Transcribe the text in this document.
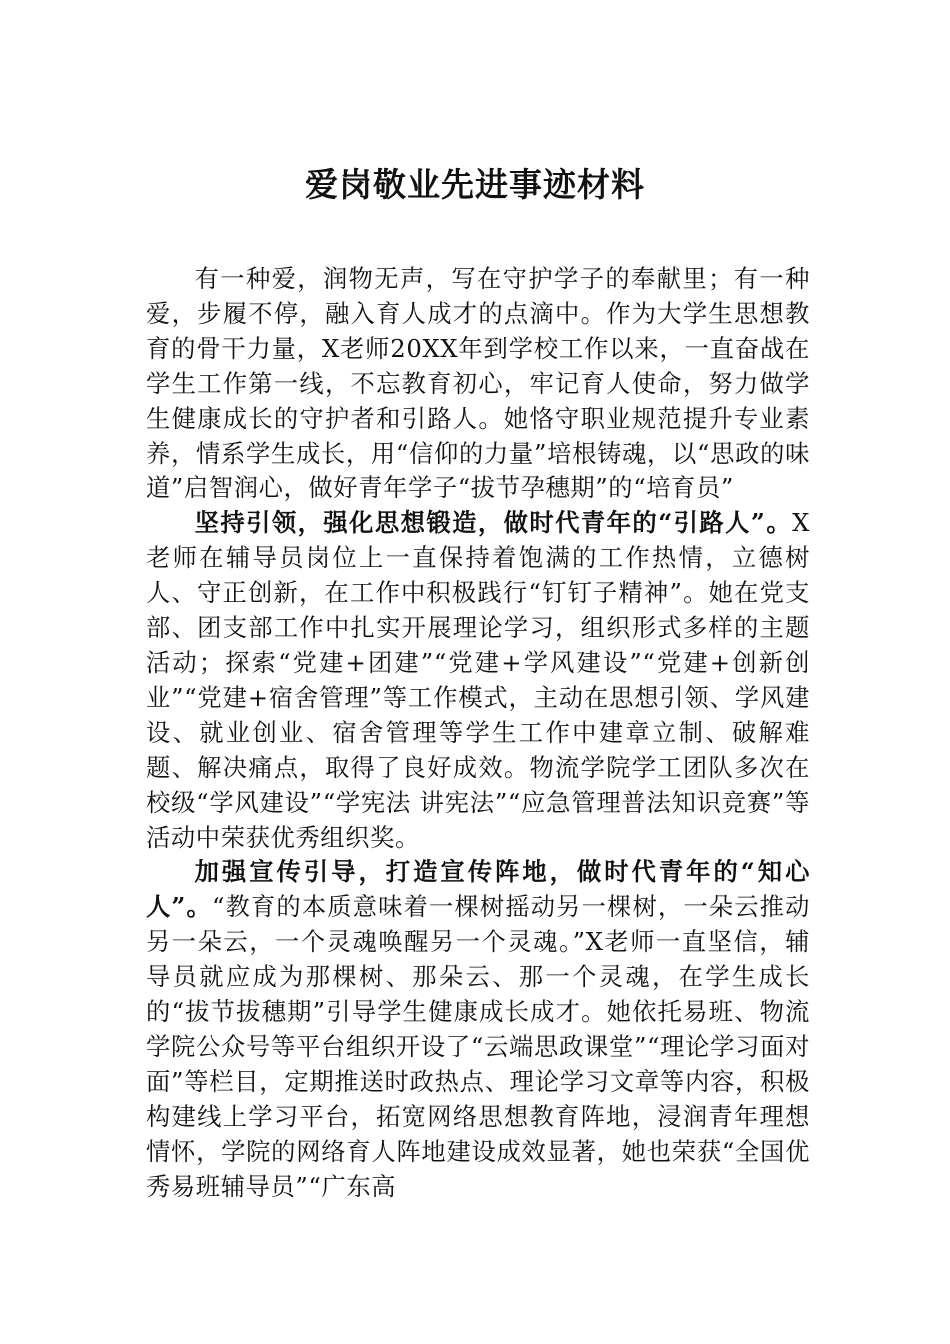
爱岗敬业先进事迹材料

有一种爱，润物无声，写在守护学子的奉献里；有一种爱，步履不停，融入育人成才的点滴中。作为大学生思想教育的骨干力量，X老师20XX年到学校工作以来，一直奋战在学生工作第一线，不忘教育初心，牢记育人使命，努力做学生健康成长的守护者和引路人。她恪守职业规范提升专业素养，情系学生成长，用“信仰的力量”培根铸魂，以“思政的味道”启智润心，做好青年学子“拔节孕穗期”的“培育员”

坚持引领，强化思想锻造，做时代青年的“引路人”。X老师在辅导员岗位上一直保持着饱满的工作热情，立德树人、守正创新，在工作中积极践行“钉钉子精神”。她在党支部、团支部工作中扎实开展理论学习，组织形式多样的主题活动；探索“党建+团建”“党建+学风建设”“党建+创新创业”“党建+宿舍管理”等工作模式，主动在思想引领、学风建设、就业创业、宿舍管理等学生工作中建章立制、破解难题、解决痛点，取得了良好成效。物流学院学工团队多次在校级“学风建设”“学宪法 讲宪法”“应急管理普法知识竞赛”等活动中荣获优秀组织奖。

加强宣传引导，打造宣传阵地，做时代青年的“知心人”。“教育的本质意味着一棵树摇动另一棵树，一朵云推动另一朵云，一个灵魂唤醒另一个灵魂。”X老师一直坚信，辅导员就应成为那棵树、那朵云、那一个灵魂，在学生成长的“拔节拔穗期”引导学生健康成长成才。她依托易班、物流学院公众号等平台组织开设了“云端思政课堂”“理论学习面对面”等栏目，定期推送时政热点、理论学习文章等内容，积极构建线上学习平台，拓宽网络思想教育阵地，浸润青年理想情怀，学院的网络育人阵地建设成效显著，她也荣获“全国优秀易班辅导员”“广东高
